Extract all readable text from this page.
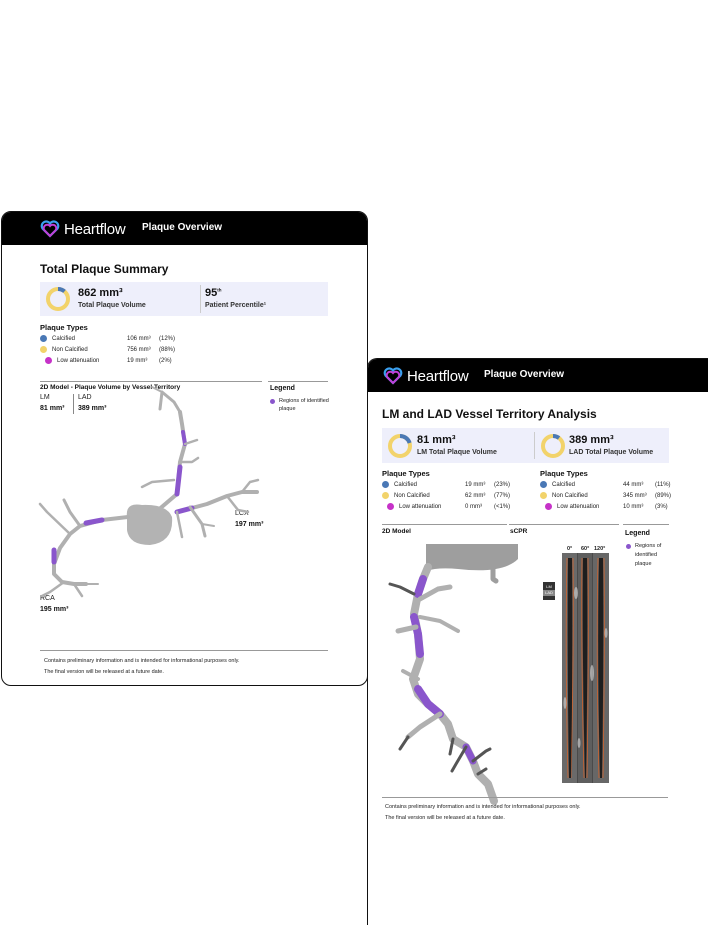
Heartflow Plaque Overview
Total Plaque Summary
862 mm³
Total Plaque Volume
95th
Patient Percentile¹
Plaque Types
Calcified	106 mm³	(12%)
Non Calcified	756 mm³	(88%)
Low attenuation	19 mm³	(2%)
2D Model - Plaque Volume by Vessel Territory	Legend
Regions of identified plaque
LM
81 mm³
LAD
389 mm³
LCX
197 mm³
RCA
195 mm³
Contains preliminary information and is intended for informational purposes only.
The final version will be released at a future date.
Heartflow Plaque Overview
LM and LAD Vessel Territory Analysis
81 mm³
LM Total Plaque Volume
389 mm³
LAD Total Plaque Volume
Plaque Types
Calcified	19 mm³	(23%)
Non Calcified	62 mm³	(77%)
Low attenuation	0 mm³	(<1%)
Plaque Types
Calcified	44 mm³	(11%)
Non Calcified	345 mm³	(89%)
Low attenuation	10 mm³	(3%)
2D Model	sCPR	Legend
Regions of identified plaque
0° 60° 120°
LM
LAD
Contains preliminary information and is intended for informational purposes only.
The final version will be released at a future date.
